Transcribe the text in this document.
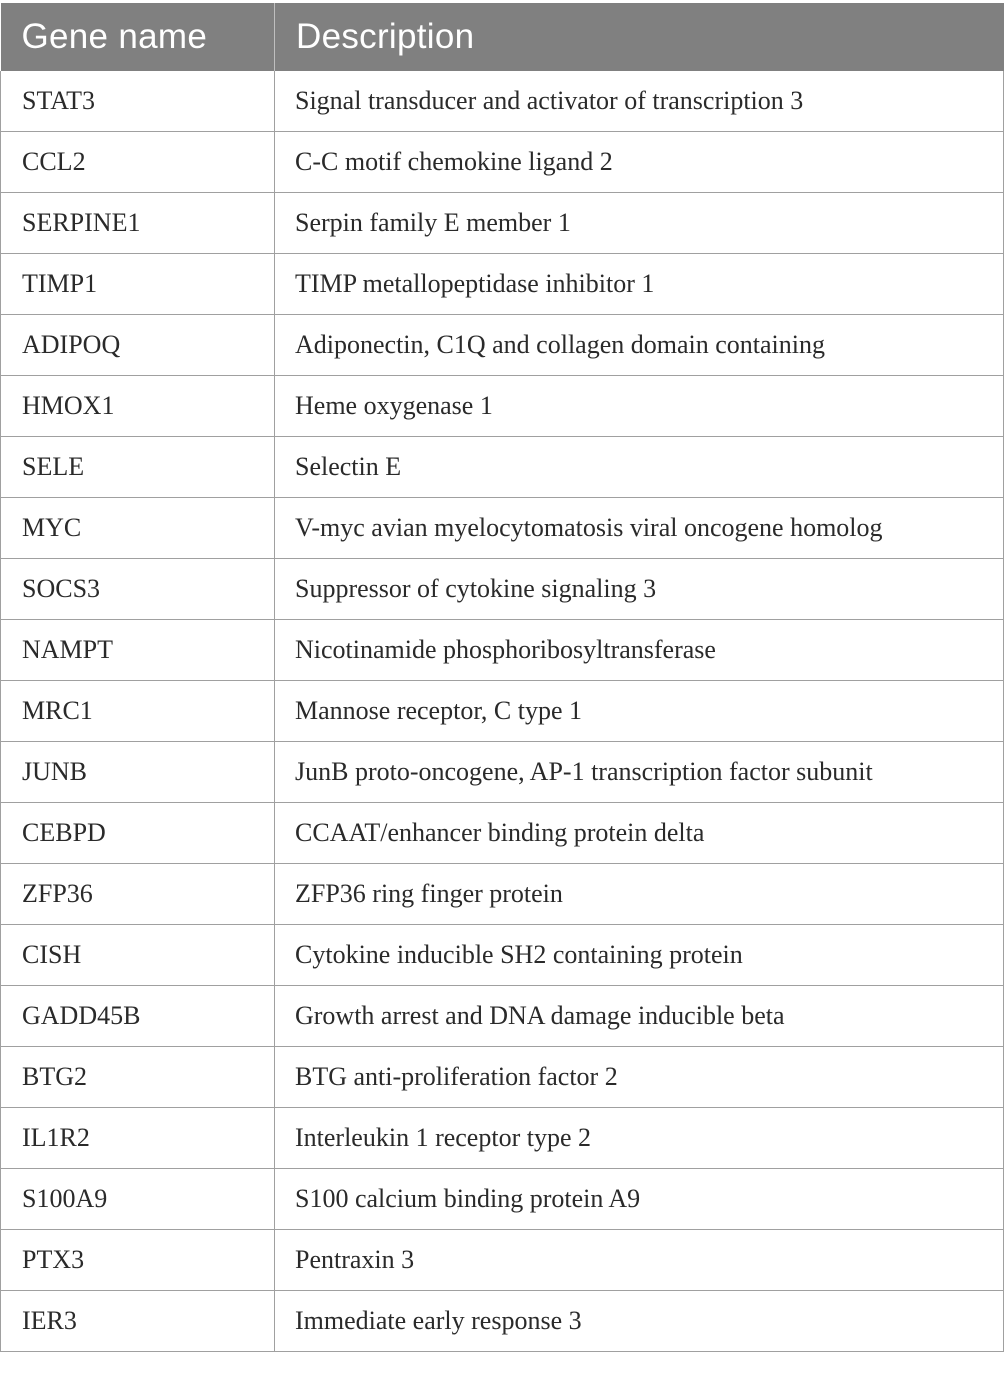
Gene name	Description
STAT3	Signal transducer and activator of transcription 3
CCL2	C-C motif chemokine ligand 2
SERPINE1	Serpin family E member 1
TIMP1	TIMP metallopeptidase inhibitor 1
ADIPOQ	Adiponectin, C1Q and collagen domain containing
HMOX1	Heme oxygenase 1
SELE	Selectin E
MYC	V-myc avian myelocytomatosis viral oncogene homolog
SOCS3	Suppressor of cytokine signaling 3
NAMPT	Nicotinamide phosphoribosyltransferase
MRC1	Mannose receptor, C type 1
JUNB	JunB proto-oncogene, AP-1 transcription factor subunit
CEBPD	CCAAT/enhancer binding protein delta
ZFP36	ZFP36 ring finger protein
CISH	Cytokine inducible SH2 containing protein
GADD45B	Growth arrest and DNA damage inducible beta
BTG2	BTG anti-proliferation factor 2
IL1R2	Interleukin 1 receptor type 2
S100A9	S100 calcium binding protein A9
PTX3	Pentraxin 3
IER3	Immediate early response 3
